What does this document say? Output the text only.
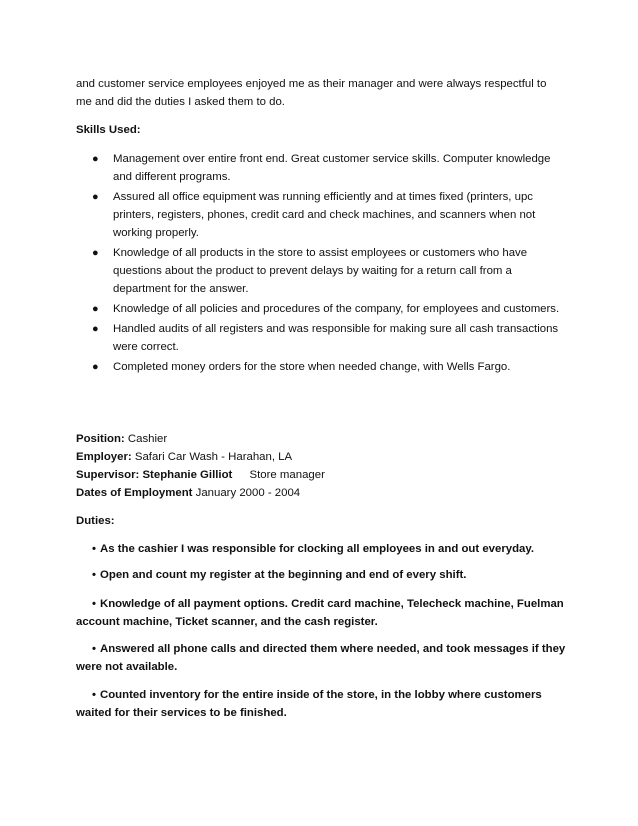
and customer service employees enjoyed me as their manager and were always respectful to
me and did the duties I asked them to do.
Skills Used:
● Management over entire front end. Great customer service skills. Computer knowledge
and different programs.
● Assured all office equipment was running efficiently and at times fixed (printers, upc
printers, registers, phones, credit card and check machines, and scanners when not
working properly.
● Knowledge of all products in the store to assist employees or customers who have
questions about the product to prevent delays by waiting for a return call from a
department for the answer.
● Knowledge of all policies and procedures of the company, for employees and customers.
● Handled audits of all registers and was responsible for making sure all cash transactions
were correct.
● Completed money orders for the store when needed change, with Wells Fargo.
Position: Cashier
Employer: Safari Car Wash - Harahan, LA
Supervisor: Stephanie Gilliot Store manager
Dates of Employment January 2000 - 2004
Duties:
• As the cashier I was responsible for clocking all employees in and out everyday.
• Open and count my register at the beginning and end of every shift.
• Knowledge of all payment options. Credit card machine, Telecheck machine, Fuelman
account machine, Ticket scanner, and the cash register.
• Answered all phone calls and directed them where needed, and took messages if they
were not available.
• Counted inventory for the entire inside of the store, in the lobby where customers
waited for their services to be finished.
